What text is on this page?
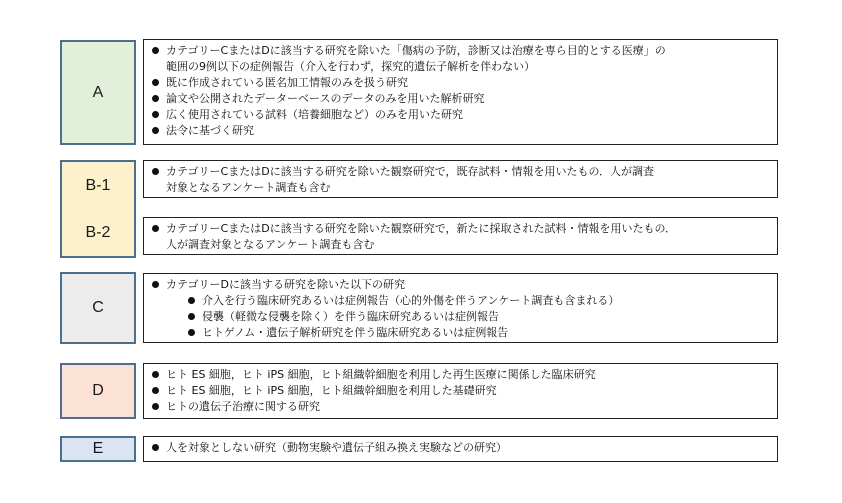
A
B-1
B-2
C
D
E
カテゴリーCまたはDに該当する研究を除いた「傷病の予防，診断又は治療を専ら目的とする医療」の
範囲の9例以下の症例報告（介入を行わず，探究的遺伝子解析を伴わない）
既に作成されている匿名加工情報のみを扱う研究
論文や公開されたデーターベースのデータのみを用いた解析研究
広く使用されている試料（培養細胞など）のみを用いた研究
法令に基づく研究
カテゴリーCまたはDに該当する研究を除いた観察研究で，既存試料・情報を用いたもの．人が調査
対象となるアンケート調査も含む
カテゴリーCまたはDに該当する研究を除いた観察研究で，新たに採取された試料・情報を用いたもの．
人が調査対象となるアンケート調査も含む
カテゴリーDに該当する研究を除いた以下の研究
介入を行う臨床研究あるいは症例報告（心的外傷を伴うアンケート調査も含まれる）
侵襲（軽微な侵襲を除く）を伴う臨床研究あるいは症例報告
ヒトゲノム・遺伝子解析研究を伴う臨床研究あるいは症例報告
ヒト ES 細胞，ヒト iPS 細胞，ヒト組織幹細胞を利用した再生医療に関係した臨床研究
ヒト ES 細胞，ヒト iPS 細胞，ヒト組織幹細胞を利用した基礎研究
ヒトの遺伝子治療に関する研究
人を対象としない研究（動物実験や遺伝子組み換え実験などの研究）
